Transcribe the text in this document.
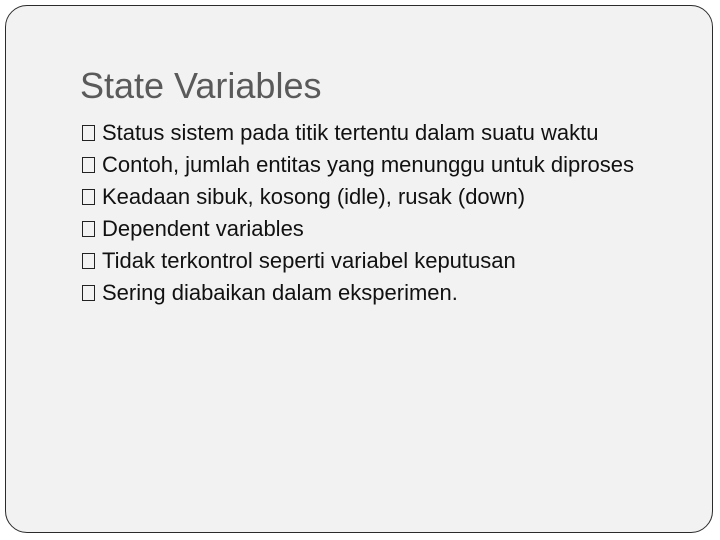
State Variables
Status sistem pada titik tertentu dalam suatu waktu
Contoh, jumlah entitas yang menunggu untuk diproses
Keadaan sibuk, kosong (idle), rusak (down)
Dependent variables
Tidak terkontrol seperti variabel keputusan
Sering diabaikan dalam eksperimen.
